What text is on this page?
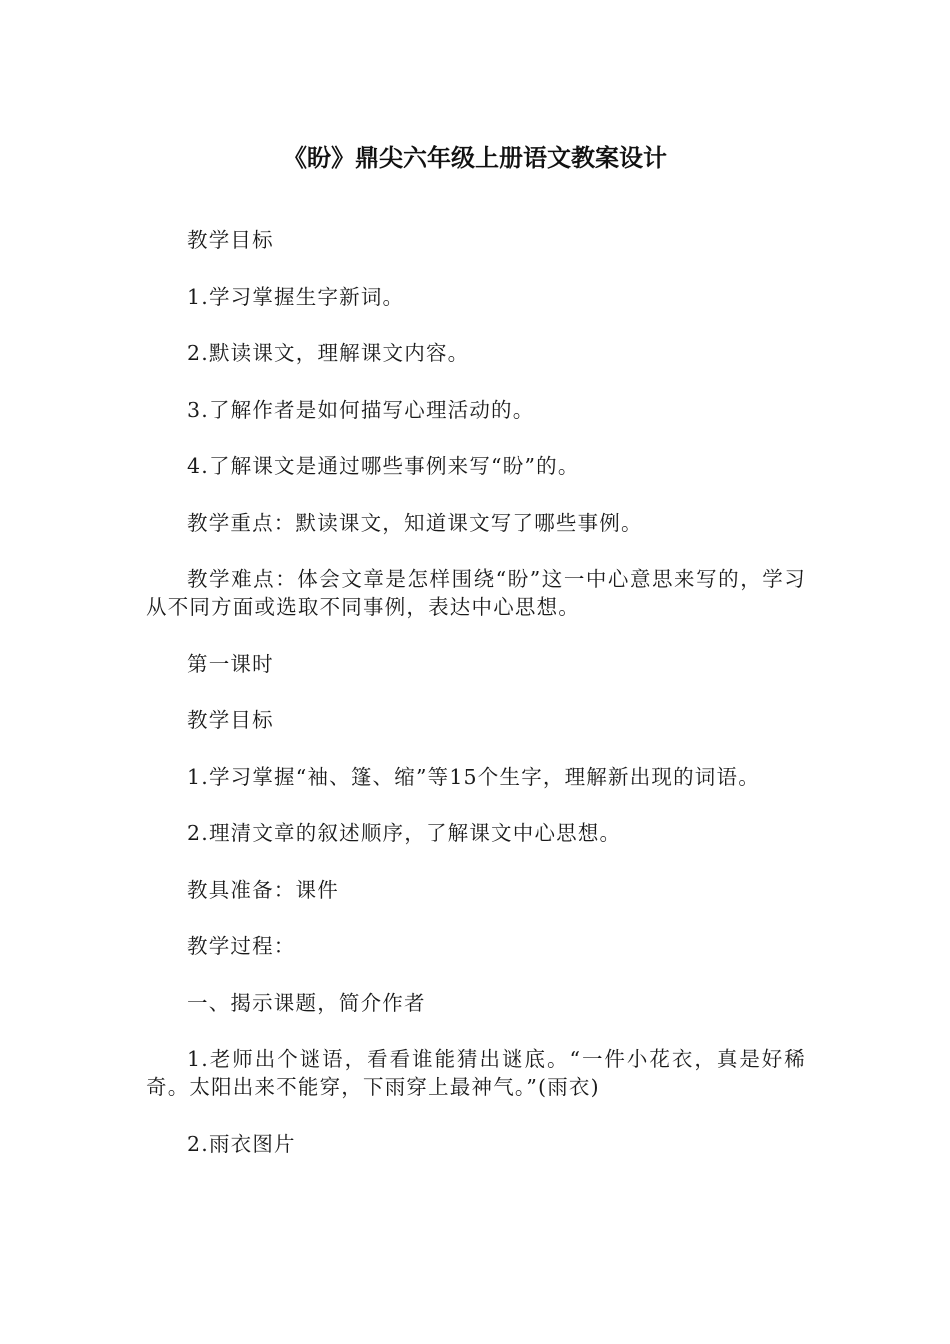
《盼》鼎尖六年级上册语文教案设计

教学目标

1.学习掌握生字新词。

2.默读课文，理解课文内容。

3.了解作者是如何描写心理活动的。

4.了解课文是通过哪些事例来写“盼”的。

教学重点：默读课文，知道课文写了哪些事例。

教学难点：体会文章是怎样围绕“盼”这一中心意思来写的，学习从不同方面或选取不同事例，表达中心思想。

第一课时

教学目标

1.学习掌握“袖、篷、缩”等15个生字，理解新出现的词语。

2.理清文章的叙述顺序，了解课文中心思想。

教具准备：课件

教学过程：

一、揭示课题，简介作者

1.老师出个谜语，看看谁能猜出谜底。“一件小花衣，真是好稀奇。太阳出来不能穿，下雨穿上最神气。”(雨衣)

2.雨衣图片
